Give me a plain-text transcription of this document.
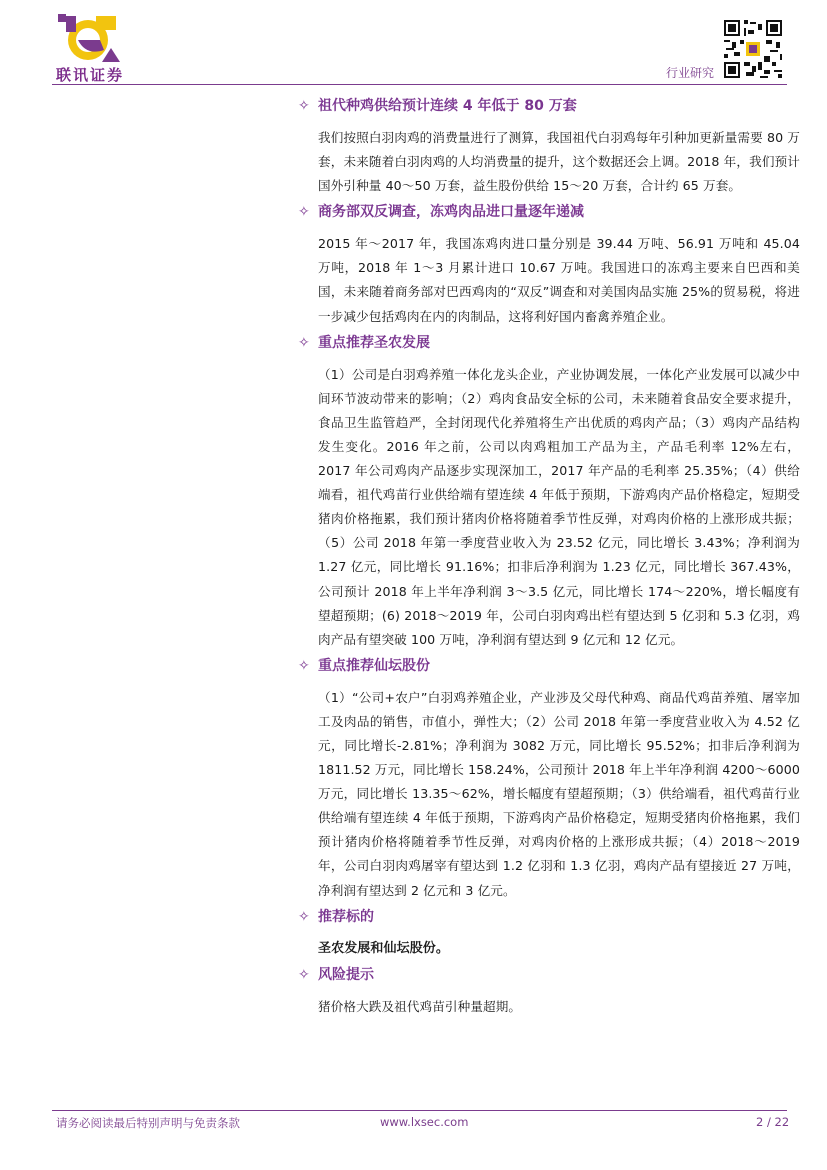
联讯证券	行业研究
✧ 祖代种鸡供给预计连续 4 年低于 80 万套

我们按照白羽肉鸡的消费量进行了测算，我国祖代白羽鸡每年引种加更新量需要 80 万套，未来随着白羽肉鸡的人均消费量的提升，这个数据还会上调。2018 年，我们预计国外引种量 40～50 万套，益生股份供给 15～20 万套，合计约 65 万套。

✧ 商务部双反调查，冻鸡肉品进口量逐年递减

2015 年～2017 年，我国冻鸡肉进口量分别是 39.44 万吨、56.91 万吨和 45.04 万吨，2018 年 1～3 月累计进口 10.67 万吨。我国进口的冻鸡主要来自巴西和美国，未来随着商务部对巴西鸡肉的“双反”调查和对美国肉品实施 25%的贸易税，将进一步减少包括鸡肉在内的肉制品，这将利好国内畜禽养殖企业。

✧ 重点推荐圣农发展

（1）公司是白羽鸡养殖一体化龙头企业，产业协调发展，一体化产业发展可以减少中间环节波动带来的影响；（2）鸡肉食品安全标的公司，未来随着食品安全要求提升，食品卫生监管趋严，全封闭现代化养殖将生产出优质的鸡肉产品；（3）鸡肉产品结构发生变化。2016 年之前，公司以肉鸡粗加工产品为主，产品毛利率 12%左右，2017 年公司鸡肉产品逐步实现深加工，2017 年产品的毛利率 25.35%；（4）供给端看，祖代鸡苗行业供给端有望连续 4 年低于预期，下游鸡肉产品价格稳定，短期受猪肉价格拖累，我们预计猪肉价格将随着季节性反弹，对鸡肉价格的上涨形成共振；（5）公司 2018 年第一季度营业收入为 23.52 亿元，同比增长 3.43%；净利润为 1.27 亿元，同比增长 91.16%；扣非后净利润为 1.23 亿元，同比增长 367.43%，公司预计 2018 年上半年净利润 3～3.5 亿元，同比增长 174～220%，增长幅度有望超预期；(6) 2018～2019 年，公司白羽肉鸡出栏有望达到 5 亿羽和 5.3 亿羽，鸡肉产品有望突破 100 万吨，净利润有望达到 9 亿元和 12 亿元。

✧ 重点推荐仙坛股份

（1）“公司+农户”白羽鸡养殖企业，产业涉及父母代种鸡、商品代鸡苗养殖、屠宰加工及肉品的销售，市值小，弹性大；（2）公司 2018 年第一季度营业收入为 4.52 亿元，同比增长-2.81%；净利润为 3082 万元，同比增长 95.52%；扣非后净利润为 1811.52 万元，同比增长 158.24%，公司预计 2018 年上半年净利润 4200～6000 万元，同比增长 13.35～62%，增长幅度有望超预期；（3）供给端看，祖代鸡苗行业供给端有望连续 4 年低于预期，下游鸡肉产品价格稳定，短期受猪肉价格拖累，我们预计猪肉价格将随着季节性反弹，对鸡肉价格的上涨形成共振；（4）2018～2019 年，公司白羽肉鸡屠宰有望达到 1.2 亿羽和 1.3 亿羽，鸡肉产品有望接近 27 万吨，净利润有望达到 2 亿元和 3 亿元。

✧ 推荐标的

圣农发展和仙坛股份。

✧ 风险提示

猪价格大跌及祖代鸡苗引种量超期。

请务必阅读最后特别声明与免责条款	www.lxsec.com	2 / 22
